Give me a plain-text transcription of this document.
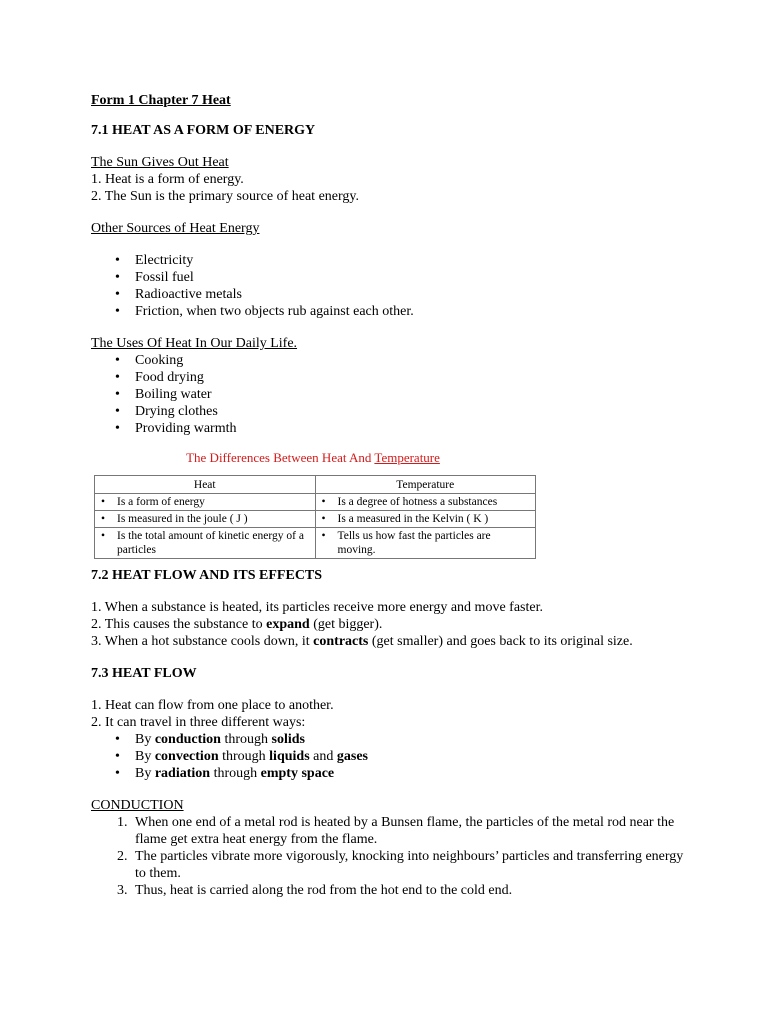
Form 1 Chapter 7 Heat

7.1 HEAT AS A FORM OF ENERGY

The Sun Gives Out Heat

1. Heat is a form of energy.

2. The Sun is the primary source of heat energy.

Other Sources of Heat Energy

• Electricity
• Fossil fuel
• Radioactive metals
• Friction, when two objects rub against each other.

The Uses Of Heat In Our Daily Life.

• Cooking
• Food drying
• Boiling water
• Drying clothes
• Providing warmth
The Differences Between Heat And Temperature
Heat	Temperature

• Is a form of energy	• Is a degree of hotness a substances

• Is measured in the joule ( J )	• Is a measured in the Kelvin ( K )

• Is the total amount of kinetic energy of a particles	• Tells us how fast the particles are moving.

7.2 HEAT FLOW AND ITS EFFECTS

1. When a substance is heated, its particles receive more energy and move faster.

2. This causes the substance to expand (get bigger).

3. When a hot substance cools down, it contracts (get smaller) and goes back to its original size.

7.3 HEAT FLOW

1. Heat can flow from one place to another.

2. It can travel in three different ways:

• By conduction through solids
• By convection through liquids and gases
• By radiation through empty space

CONDUCTION

1. When one end of a metal rod is heated by a Bunsen flame, the particles of the metal rod near the flame get extra heat energy from the flame.
2. The particles vibrate more vigorously, knocking into neighbours’ particles and transferring energy to them.
3. Thus, heat is carried along the rod from the hot end to the cold end.
